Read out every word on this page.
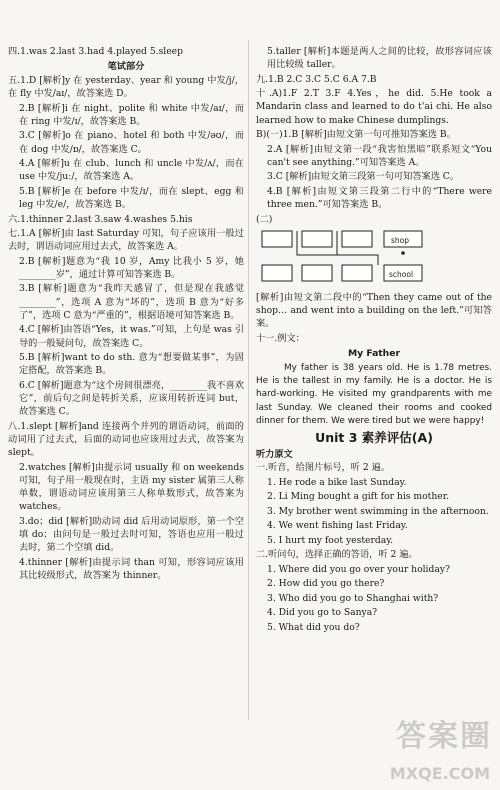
四.1.was 2.last 3.had 4.played 5.sleep

笔试部分

五.1.D [解析]y 在 yesterday、year 和 young 中发/j/，在 fly 中发/aɪ/，故答案选 D。

2.B [解析]i 在 night、polite 和 white 中发/aɪ/，而在 ring 中发/ɪ/，故答案选 B。

3.C [解析]o 在 piano、hotel 和 both 中发/əʊ/，而在 dog 中发/ɒ/，故答案选 C。

4.A [解析]u 在 club、lunch 和 uncle 中发/ʌ/，而在 use 中发/juː/，故答案选 A。

5.B [解析]e 在 before 中发/ɪ/，而在 slept、egg 和 leg 中发/e/，故答案选 B。

六.1.thinner 2.last 3.saw 4.washes 5.his

七.1.A [解析]由 last Saturday 可知，句子应该用一般过去时，谓语动词应用过去式，故答案选 A。

2.B [解析]题意为“我 10 岁，Amy 比我小 5 岁，她________岁”，通过计算可知答案选 B。

3.B [解析]题意为“我昨天感冒了，但是现在我感觉________”，选项 A 意为“坏的”，选项 B 意为“好多了”，选项 C 意为“严重的”，根据语境可知答案选 B。

4.C [解析]由答语“Yes，it was.”可知，上句是 was 引导的一般疑问句，故答案选 C。

5.B [解析]want to do sth. 意为“想要做某事”，为固定搭配，故答案选 B。

6.C [解析]题意为“这个房间很漂亮，________我不喜欢它”，前后句之间是转折关系，应该用转折连词 but，故答案选 C。

八.1.slept [解析]and 连接两个并列的谓语动词，前面的动词用了过去式，后面的动词也应该用过去式，故答案为 slept。

2.watches [解析]由提示词 usually 和 on weekends 可知，句子用一般现在时，主语 my sister 属第三人称单数，谓语动词应该用第三人称单数形式，故答案为 watches。

3.do；did [解析]助动词 did 后用动词原形，第一个空填 do；由问句是一般过去时可知，答语也应用一般过去时，第二个空填 did。

4.thinner [解析]由提示词 than 可知，形容词应该用其比较级形式，故答案为 thinner。

5.taller [解析]本题是两人之间的比较，故形容词应该用比较级 taller。

九.1.B 2.C 3.C 5.C 6.A 7.B

十.A)1.F 2.T 3.F 4.Yes，he did. 5.He took a Mandarin class and learned to do t'ai chi. He also learned how to make Chinese dumplings.

B)(一)1.B [解析]由短文第一句可推知答案选 B。

2.A [解析]由短文第一段“我害怕黑暗”联系短文“You can't see anything.”可知答案选 A。

3.C [解析]由短文第三段第一句可知答案选 C。

4.B [解析]由短文第三段第二行中的“There were three men.”可知答案选 B。

(二)

shop
school

[解析]由短文第二段中的“Then they came out of the shop… and went into a building on the left.”可知答案。

十一.例文：

My Father

My father is 38 years old. He is 1.78 metres. He is the tallest in my family. He is a doctor. He is hard-working. He visited my grandparents with me last Sunday. We cleaned their rooms and cooked dinner for them. We were tired but we were happy!

Unit 3 素养评估(A)
听力原文

一.听音，给图片标号，听 2 遍。

1. He rode a bike last Sunday.

2. Li Ming bought a gift for his mother.

3. My brother went swimming in the afternoon.

4. We went fishing last Friday.

5. I hurt my foot yesterday.

二.听问句，选择正确的答语，听 2 遍。

1. Where did you go over your holiday?

2. How did you go there?

3. Who did you go to Shanghai with?

4. Did you go to Sanya?

5. What did you do?

答案圈
MXQE.COM
